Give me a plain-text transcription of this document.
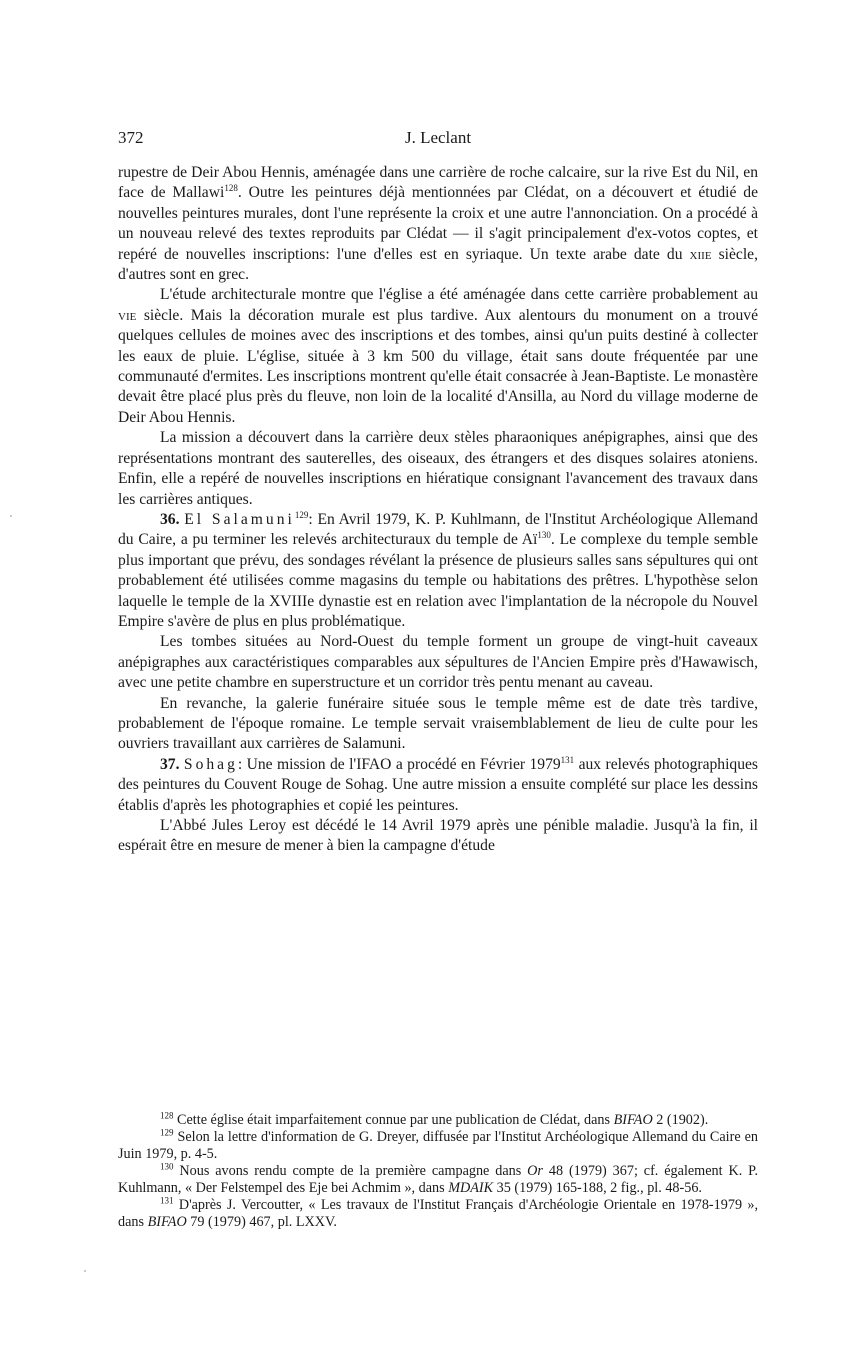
372	J. Leclant

rupestre de Deir Abou Hennis, aménagée dans une carrière de roche calcaire, sur la rive Est du Nil, en face de Mallawi$^{128}$. Outre les peintures déjà mentionnées par Clédat, on a découvert et étudié de nouvelles peintures murales, dont l'une représente la croix et une autre l'annonciation. On a procédé à un nouveau relevé des textes reproduits par Clédat — il s'agit principalement d'ex-votos coptes, et repéré de nouvelles inscriptions: l'une d'elles est en syriaque. Un texte arabe date du xiie siècle, d'autres sont en grec.

L'étude architecturale montre que l'église a été aménagée dans cette carrière probablement au vie siècle. Mais la décoration murale est plus tardive. Aux alentours du monument on a trouvé quelques cellules de moines avec des inscriptions et des tombes, ainsi qu'un puits destiné à collecter les eaux de pluie. L'église, située à 3 km 500 du village, était sans doute fréquentée par une communauté d'ermites. Les inscriptions montrent qu'elle était consacrée à Jean-Baptiste. Le monastère devait être placé plus près du fleuve, non loin de la localité d'Ansilla, au Nord du village moderne de Deir Abou Hennis.

La mission a découvert dans la carrière deux stèles pharaoniques anépigraphes, ainsi que des représentations montrant des sauterelles, des oiseaux, des étrangers et des disques solaires atoniens. Enfin, elle a repéré de nouvelles inscriptions en hiératique consignant l'avancement des travaux dans les carrières antiques.

36. El Salamuni$^{129}$: En Avril 1979, K. P. Kuhlmann, de l'Institut Archéologique Allemand du Caire, a pu terminer les relevés architecturaux du temple de $Aï^{130}$. Le complexe du temple semble plus important que prévu, des sondages révélant la présence de plusieurs salles sans sépultures qui ont probablement été utilisées comme magasins du temple ou habitations des prêtres. L'hypothèse selon laquelle le temple de la XVIIIe dynastie est en relation avec l'implantation de la nécropole du Nouvel Empire s'avère de plus en plus problématique.

Les tombes situées au Nord-Ouest du temple forment un groupe de vingt-huit caveaux anépigraphes aux caractéristiques comparables aux sépultures de l'Ancien Empire près d'Hawawisch, avec une petite chambre en superstructure et un corridor très pentu menant au caveau.

En revanche, la galerie funéraire située sous le temple même est de date très tardive, probablement de l'époque romaine. Le temple servait vraisemblablement de lieu de culte pour les ouvriers travaillant aux carrières de Salamuni.

37. Sohag: Une mission de l'IFAO a procédé en Février 1979$^{131}$ aux relevés photographiques des peintures du Couvent Rouge de Sohag. Une autre mission a ensuite complété sur place les dessins établis d'après les photographies et copié les peintures.

L'Abbé Jules Leroy est décédé le 14 Avril 1979 après une pénible maladie. Jusqu'à la fin, il espérait être en mesure de mener à bien la campagne d'étude

$^{128}$ Cette église était imparfaitement connue par une publication de Clédat, dans BIFAO 2 (1902).

$^{129}$ Selon la lettre d'information de G. Dreyer, diffusée par l'Institut Archéologique Allemand du Caire en Juin 1979, p. 4-5.

$^{130}$ Nous avons rendu compte de la première campagne dans Or 48 (1979) 367; cf. également K. P. Kuhlmann, « Der Felstempel des Eje bei Achmim », dans MDAIK 35 (1979) 165-188, 2 fig., pl. 48-56.

$^{131}$ D'après J. Vercoutter, « Les travaux de l'Institut Français d'Archéologie Orientale en 1978-1979 », dans BIFAO 79 (1979) 467, pl. LXXV.
